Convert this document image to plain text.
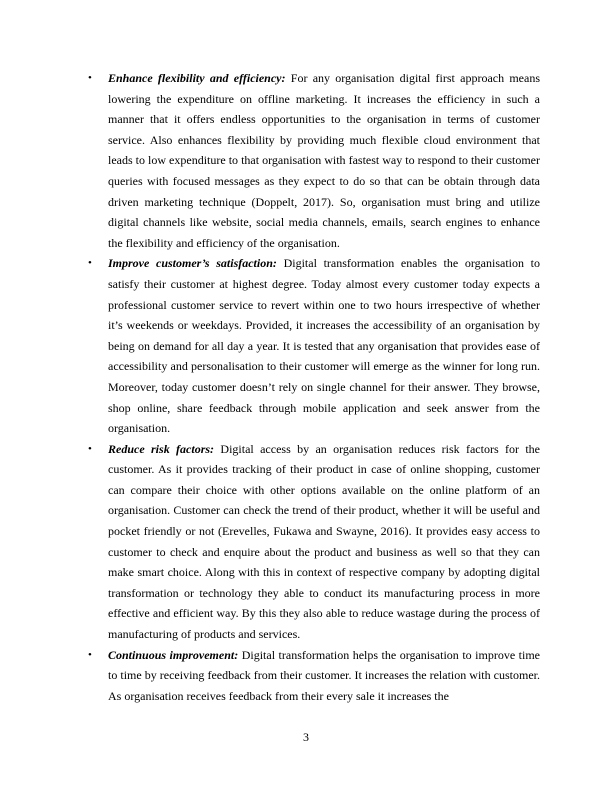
• Enhance flexibility and efficiency: For any organisation digital first approach means lowering the expenditure on offline marketing. It increases the efficiency in such a manner that it offers endless opportunities to the organisation in terms of customer service. Also enhances flexibility by providing much flexible cloud environment that leads to low expenditure to that organisation with fastest way to respond to their customer queries with focused messages as they expect to do so that can be obtain through data driven marketing technique (Doppelt, 2017). So, organisation must bring and utilize digital channels like website, social media channels, emails, search engines to enhance the flexibility and efficiency of the organisation.
• Improve customer’s satisfaction: Digital transformation enables the organisation to satisfy their customer at highest degree. Today almost every customer today expects a professional customer service to revert within one to two hours irrespective of whether it’s weekends or weekdays. Provided, it increases the accessibility of an organisation by being on demand for all day a year. It is tested that any organisation that provides ease of accessibility and personalisation to their customer will emerge as the winner for long run. Moreover, today customer doesn’t rely on single channel for their answer. They browse, shop online, share feedback through mobile application and seek answer from the organisation.
• Reduce risk factors: Digital access by an organisation reduces risk factors for the customer. As it provides tracking of their product in case of online shopping, customer can compare their choice with other options available on the online platform of an organisation. Customer can check the trend of their product, whether it will be useful and pocket friendly or not (Erevelles, Fukawa and Swayne, 2016). It provides easy access to customer to check and enquire about the product and business as well so that they can make smart choice. Along with this in context of respective company by adopting digital transformation or technology they able to conduct its manufacturing process in more effective and efficient way. By this they also able to reduce wastage during the process of manufacturing of products and services.
• Continuous improvement: Digital transformation helps the organisation to improve time to time by receiving feedback from their customer. It increases the relation with customer. As organisation receives feedback from their every sale it increases the
3
